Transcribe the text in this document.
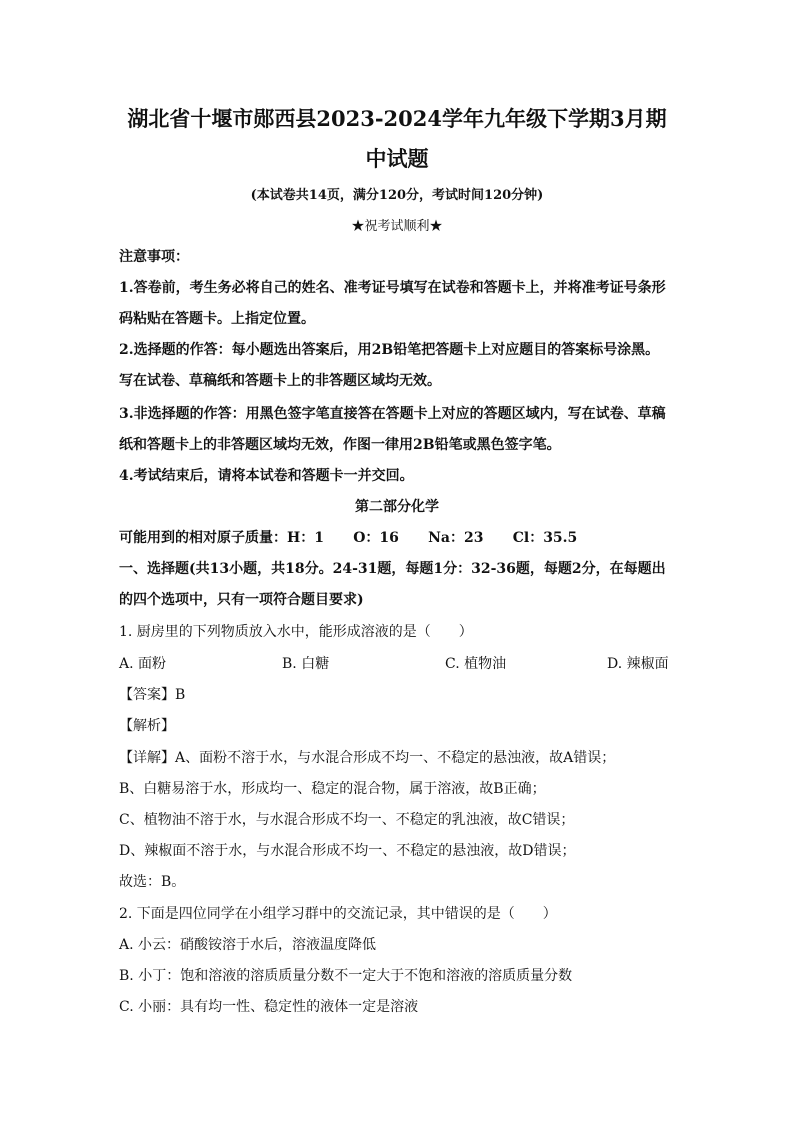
湖北省十堰市郧西县2023-2024学年九年级下学期3月期
中试题
(本试卷共14页，满分120分，考试时间120分钟)
★祝考试顺利★
注意事项：
1.答卷前，考生务必将自己的姓名、准考证号填写在试卷和答题卡上，并将准考证号条形
码粘贴在答题卡。上指定位置。
2.选择题的作答：每小题选出答案后，用2B铅笔把答题卡上对应题目的答案标号涂黑。
写在试卷、草稿纸和答题卡上的非答题区域均无效。
3.非选择题的作答：用黑色签字笔直接答在答题卡上对应的答题区域内，写在试卷、草稿
纸和答题卡上的非答题区域均无效，作图一律用2B铅笔或黑色签字笔。
4.考试结束后，请将本试卷和答题卡一并交回。
第二部分化学
可能用到的相对原子质量：H：1      O：16      Na：23      Cl：35.5
一、选择题(共13小题，共18分。24-31题，每题1分：32-36题，每题2分，在每题出
的四个选项中，只有一项符合题目要求)
1. 厨房里的下列物质放入水中，能形成溶液的是（　　）
A. 面粉	B. 白糖	C. 植物油	D. 辣椒面
【答案】B
【解析】
【详解】A、面粉不溶于水，与水混合形成不均一、不稳定的悬浊液，故A错误；
B、白糖易溶于水，形成均一、稳定的混合物，属于溶液，故B正确；
C、植物油不溶于水，与水混合形成不均一、不稳定的乳浊液，故C错误；
D、辣椒面不溶于水，与水混合形成不均一、不稳定的悬浊液，故D错误；
故选：B。
2. 下面是四位同学在小组学习群中的交流记录，其中错误的是（　　）
A. 小云：硝酸铵溶于水后，溶液温度降低
B. 小丁：饱和溶液的溶质质量分数不一定大于不饱和溶液的溶质质量分数
C. 小丽：具有均一性、稳定性的液体一定是溶液
